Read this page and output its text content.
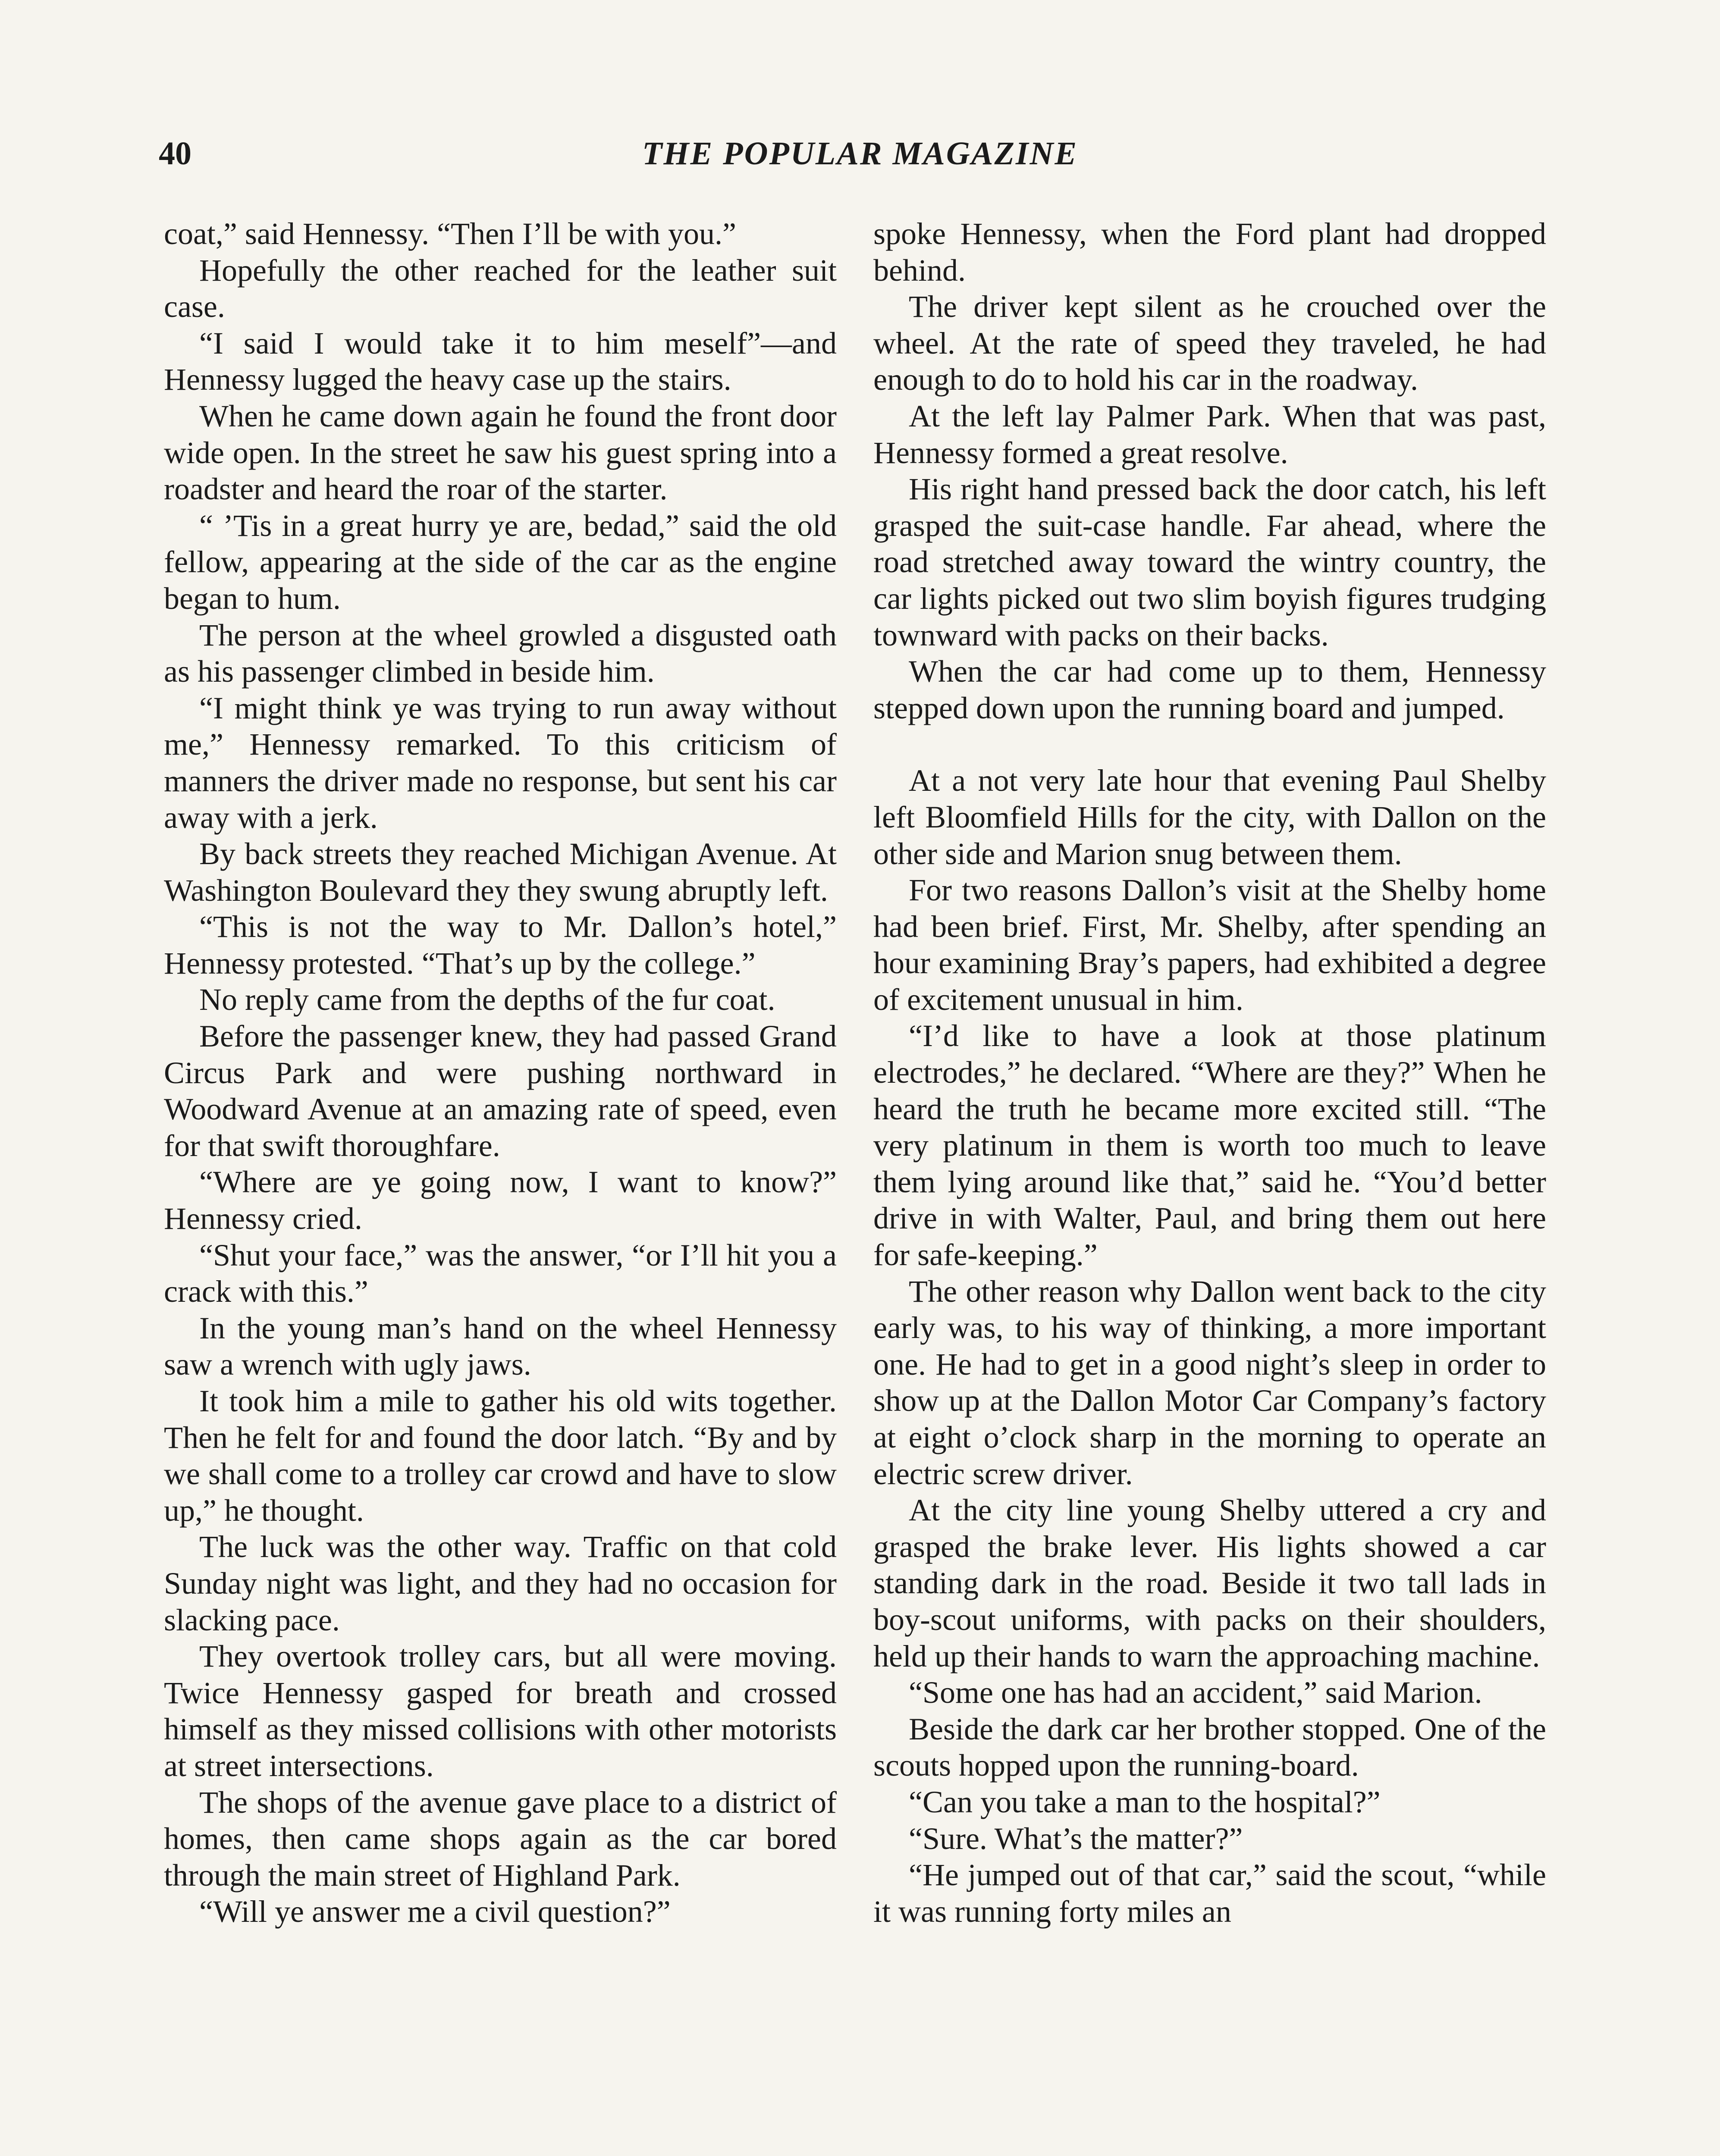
40	THE POPULAR MAGAZINE

coat,” said Hennessy. “Then I’ll be with you.”

Hopefully the other reached for the leather suit case.

“I said I would take it to him meself”—and Hennessy lugged the heavy case up the stairs.

When he came down again he found the front door wide open. In the street he saw his guest spring into a roadster and heard the roar of the starter.

“ ’Tis in a great hurry ye are, bedad,” said the old fellow, appearing at the side of the car as the engine began to hum.

The person at the wheel growled a disgusted oath as his passenger climbed in beside him.

“I might think ye was trying to run away without me,” Hennessy remarked. To this criticism of manners the driver made no response, but sent his car away with a jerk.

By back streets they reached Michigan Avenue. At Washington Boulevard they they swung abruptly left.

“This is not the way to Mr. Dallon’s hotel,” Hennessy protested. “That’s up by the college.”

No reply came from the depths of the fur coat.

Before the passenger knew, they had passed Grand Circus Park and were pushing northward in Woodward Avenue at an amazing rate of speed, even for that swift thoroughfare.

“Where are ye going now, I want to know?” Hennessy cried.

“Shut your face,” was the answer, “or I’ll hit you a crack with this.”

In the young man’s hand on the wheel Hennessy saw a wrench with ugly jaws.

It took him a mile to gather his old wits together. Then he felt for and found the door latch. “By and by we shall come to a trolley car crowd and have to slow up,” he thought.

The luck was the other way. Traffic on that cold Sunday night was light, and they had no occasion for slacking pace.

They overtook trolley cars, but all were moving. Twice Hennessy gasped for breath and crossed himself as they missed collisions with other motorists at street intersections.

The shops of the avenue gave place to a district of homes, then came shops again as the car bored through the main street of Highland Park.

“Will ye answer me a civil question?”

spoke Hennessy, when the Ford plant had dropped behind.

The driver kept silent as he crouched over the wheel. At the rate of speed they traveled, he had enough to do to hold his car in the roadway.

At the left lay Palmer Park. When that was past, Hennessy formed a great resolve.

His right hand pressed back the door catch, his left grasped the suit-case handle. Far ahead, where the road stretched away toward the wintry country, the car lights picked out two slim boyish figures trudging townward with packs on their backs.

When the car had come up to them, Hennessy stepped down upon the running board and jumped.

At a not very late hour that evening Paul Shelby left Bloomfield Hills for the city, with Dallon on the other side and Marion snug between them.

For two reasons Dallon’s visit at the Shelby home had been brief. First, Mr. Shelby, after spending an hour examining Bray’s papers, had exhibited a degree of excitement unusual in him.

“I’d like to have a look at those platinum electrodes,” he declared. “Where are they?” When he heard the truth he became more excited still. “The very platinum in them is worth too much to leave them lying around like that,” said he. “You’d better drive in with Walter, Paul, and bring them out here for safe-keeping.”

The other reason why Dallon went back to the city early was, to his way of thinking, a more important one. He had to get in a good night’s sleep in order to show up at the Dallon Motor Car Company’s factory at eight o’clock sharp in the morning to operate an electric screw driver.

At the city line young Shelby uttered a cry and grasped the brake lever. His lights showed a car standing dark in the road. Beside it two tall lads in boy-scout uniforms, with packs on their shoulders, held up their hands to warn the approaching machine.

“Some one has had an accident,” said Marion.

Beside the dark car her brother stopped. One of the scouts hopped upon the running-board.

“Can you take a man to the hospital?”

“Sure. What’s the matter?”

“He jumped out of that car,” said the scout, “while it was running forty miles an
